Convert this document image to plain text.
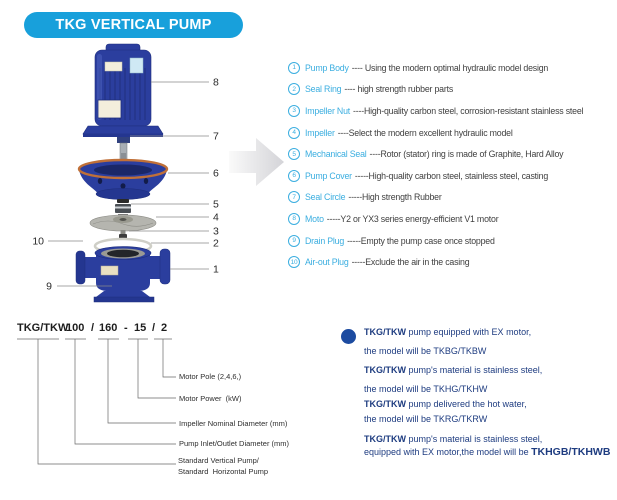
TKG VERTICAL PUMP
8
7
6
5
4
3
2
1
10
9
1	Pump Body ---- Using the modern optimal hydraulic model design
2	Seal Ring ---- high strength rubber parts
3	Impeller Nut ----High-quality carbon steel, corrosion-resistant stainless steel
4	Impeller ----Select the modern excellent hydraulic model
5	Mechanical Seal ----Rotor (stator) ring is made of Graphite, Hard Alloy
6	Pump Cover -----High-quality carbon steel, stainless steel, casting
7	Seal Circle -----High strength Rubber
8	Moto -----Y2 or YX3 series energy-efficient V1 motor
9	Drain Plug -----Empty the pump case once stopped
10 Air-out Plug -----Exclude the air in the casing
TKG/TKW
100 / 160 - 15 / 2
Motor Pole (2,4,6,)
Motor Power  (kW)
Impeller Nominal Diameter (mm)
Pump Inlet/Outlet Diameter (mm)
Standard Vertical Pump/
Standard  Horizontal Pump
TKG/TKW pump equipped with EX motor,
the model will be TKBG/TKBW
TKG/TKW pump's material is stainless steel,
the model will be TKHG/TKHW
TKG/TKW pump delivered the hot water,
the model will be TKRG/TKRW
TKG/TKW pump's material is stainless steel,
equipped with EX motor,the model will be TKHGB/TKHWB
